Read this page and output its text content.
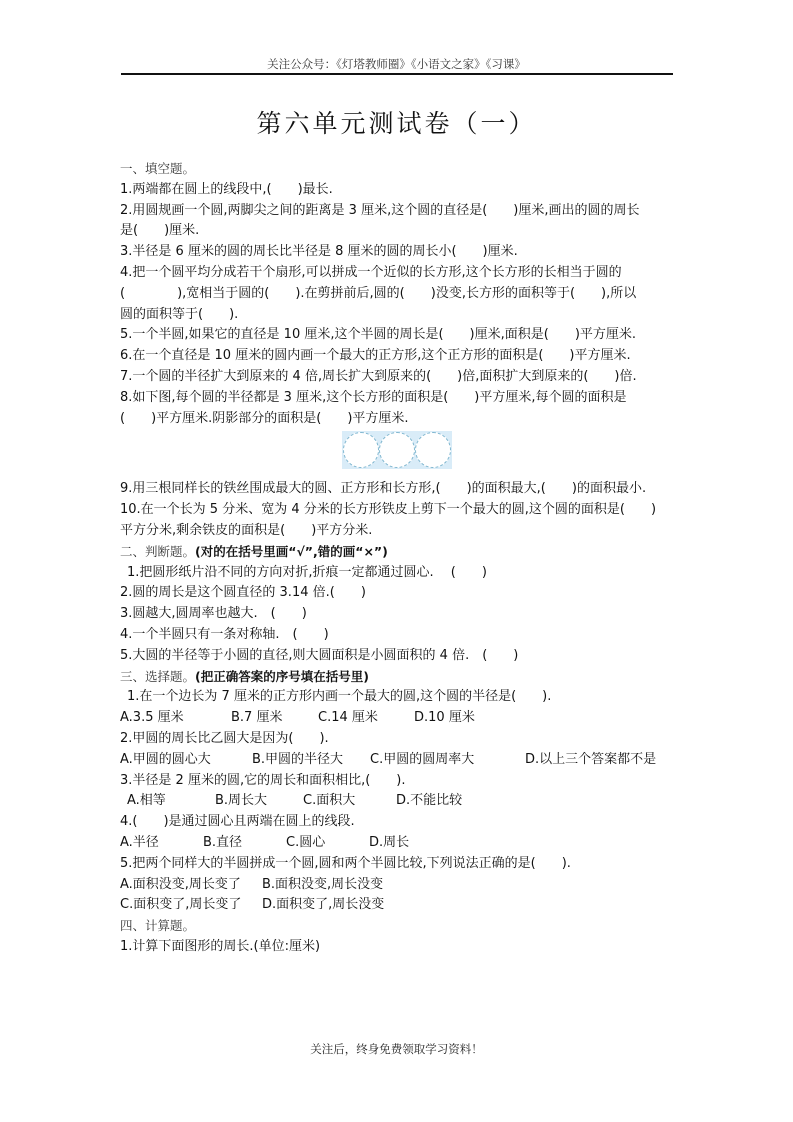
关注公众号：《灯塔教师圈》《小语文之家》《习课》
第六单元测试卷（一）
一、填空题。
1.两端都在圆上的线段中,(　　)最长.
2.用圆规画一个圆,两脚尖之间的距离是 3 厘米,这个圆的直径是(　　)厘米,画出的圆的周长
是(　　)厘米.
3.半径是 6 厘米的圆的周长比半径是 8 厘米的圆的周长小(　　)厘米.
4.把一个圆平均分成若干个扇形,可以拼成一个近似的长方形,这个长方形的长相当于圆的
(　　　　),宽相当于圆的(　　).在剪拼前后,圆的(　　)没变,长方形的面积等于(　　),所以
圆的面积等于(　　).
5.一个半圆,如果它的直径是 10 厘米,这个半圆的周长是(　　)厘米,面积是(　　)平方厘米.
6.在一个直径是 10 厘米的圆内画一个最大的正方形,这个正方形的面积是(　　)平方厘米.
7.一个圆的半径扩大到原来的 4 倍,周长扩大到原来的(　　)倍,面积扩大到原来的(　　)倍.
8.如下图,每个圆的半径都是 3 厘米,这个长方形的面积是(　　)平方厘米,每个圆的面积是
(　　)平方厘米.阴影部分的面积是(　　)平方厘米.
9.用三根同样长的铁丝围成最大的圆、正方形和长方形,(　　)的面积最大,(　　)的面积最小.
10.在一个长为 5 分米、宽为 4 分米的长方形铁皮上剪下一个最大的圆,这个圆的面积是(　　)
平方分米,剩余铁皮的面积是(　　)平方分米.
二、判断题。(对的在括号里画“√”,错的画“×”)
1.把圆形纸片沿不同的方向对折,折痕一定都通过圆心.　 (　　)
2.圆的周长是这个圆直径的 3.14 倍.(　　)
3.圆越大,圆周率也越大.　(　　)
4.一个半圆只有一条对称轴.　(　　)
5.大圆的半径等于小圆的直径,则大圆面积是小圆面积的 4 倍.　(　　)
三、选择题。(把正确答案的序号填在括号里)
1.在一个边长为 7 厘米的正方形内画一个最大的圆,这个圆的半径是(　　).
A.3.5 厘米	B.7 厘米	C.14 厘米	D.10 厘米
2.甲圆的周长比乙圆大是因为(　　).
A.甲圆的圆心大	B.甲圆的半径大	C.甲圆的圆周率大	D.以上三个答案都不是
3.半径是 2 厘米的圆,它的周长和面积相比,(　　).
A.相等	B.周长大	C.面积大	D.不能比较
4.(　　)是通过圆心且两端在圆上的线段.
A.半径	B.直径	C.圆心	D.周长
5.把两个同样大的半圆拼成一个圆,圆和两个半圆比较,下列说法正确的是(　　).
A.面积没变,周长变了	B.面积没变,周长没变
C.面积变了,周长变了	D.面积变了,周长没变
四、计算题。
1.计算下面图形的周长.(单位:厘米)
关注后，终身免费领取学习资料！
